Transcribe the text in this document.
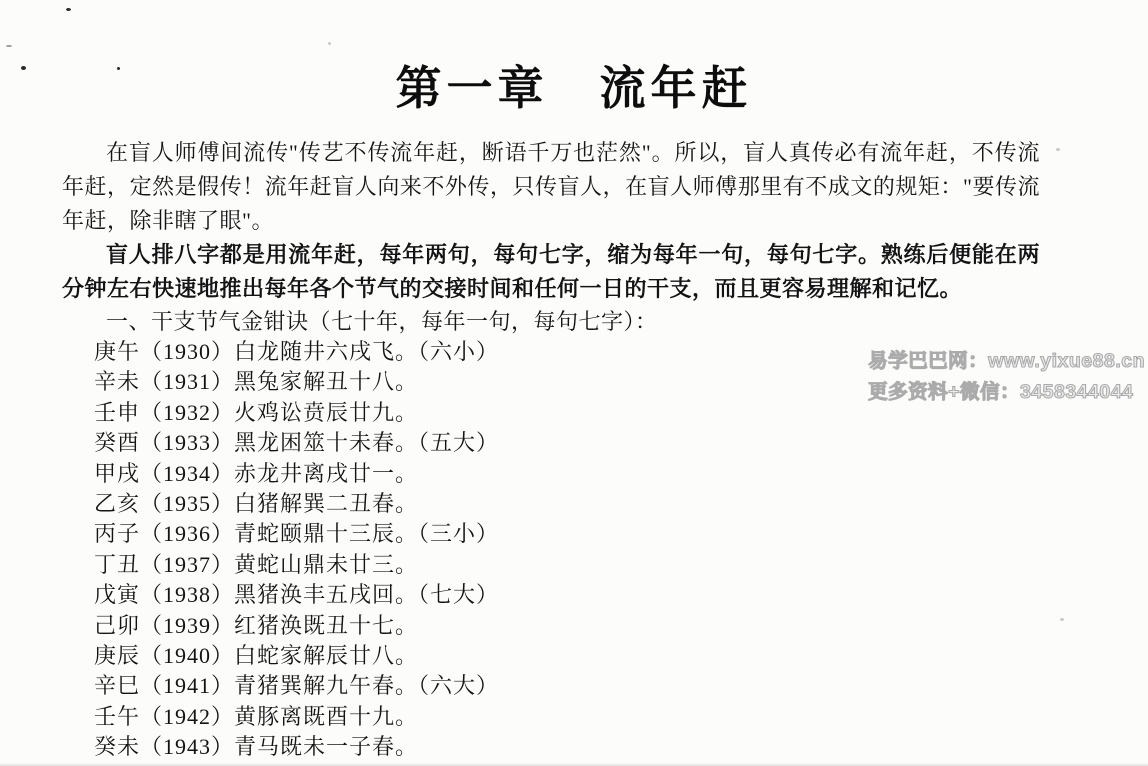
第一章　流年赶

在盲人师傅间流传"传艺不传流年赶，断语千万也茫然"。所以，盲人真传必有流年赶，不传流年赶，定然是假传！流年赶盲人向来不外传，只传盲人，在盲人师傅那里有不成文的规矩："要传流年赶，除非瞎了眼"。

盲人排八字都是用流年赶，每年两句，每句七字，缩为每年一句，每句七字。熟练后便能在两分钟左右快速地推出每年各个节气的交接时间和任何一日的干支，而且更容易理解和记忆。

一、干支节气金钳诀（七十年，每年一句，每句七字）：
庚午（1930）白龙随井六戌飞。（六小）
辛未（1931）黑兔家解丑十八。
壬申（1932）火鸡讼贲辰廿九。
癸酉（1933）黑龙困筮十未春。（五大）
甲戌（1934）赤龙井离戌廿一。
乙亥（1935）白猪解巽二丑春。
丙子（1936）青蛇颐鼎十三辰。（三小）
丁丑（1937）黄蛇山鼎未廿三。
戊寅（1938）黑猪涣丰五戌回。（七大）
己卯（1939）红猪涣既丑十七。
庚辰（1940）白蛇家解辰廿八。
辛巳（1941）青猪巽解九午春。（六大）
壬午（1942）黄豚离既酉十九。
癸未（1943）青马既未一子春。
易学巴巴网：www.yixue88.cn
更多资料+微信：3458344044
